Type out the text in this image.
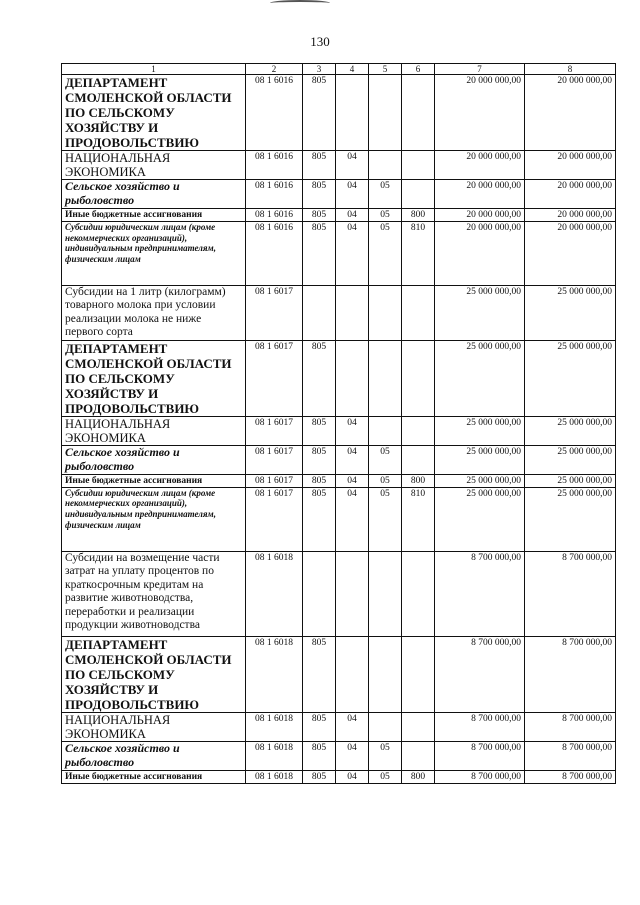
130
1	2	3	4	5	6	7	8
ДЕПАРТАМЕНТ СМОЛЕНСКОЙ ОБЛАСТИ ПО СЕЛЬСКОМУ ХОЗЯЙСТВУ И ПРОДОВОЛЬСТВИЮ	08 1 6016	805				20 000 000,00	20 000 000,00
НАЦИОНАЛЬНАЯ ЭКОНОМИКА	08 1 6016	805	04			20 000 000,00	20 000 000,00
Сельское хозяйство и рыболовство	08 1 6016	805	04	05		20 000 000,00	20 000 000,00
Иные бюджетные ассигнования	08 1 6016	805	04	05	800	20 000 000,00	20 000 000,00
Субсидии юридическим лицам (кроме некоммерческих организаций), индивидуальным предпринимателям, физическим лицам	08 1 6016	805	04	05	810	20 000 000,00	20 000 000,00
Субсидии на 1 литр (килограмм) товарного молока при условии реализации молока не ниже первого сорта	08 1 6017					25 000 000,00	25 000 000,00
ДЕПАРТАМЕНТ СМОЛЕНСКОЙ ОБЛАСТИ ПО СЕЛЬСКОМУ ХОЗЯЙСТВУ И ПРОДОВОЛЬСТВИЮ	08 1 6017	805				25 000 000,00	25 000 000,00
НАЦИОНАЛЬНАЯ ЭКОНОМИКА	08 1 6017	805	04			25 000 000,00	25 000 000,00
Сельское хозяйство и рыболовство	08 1 6017	805	04	05		25 000 000,00	25 000 000,00
Иные бюджетные ассигнования	08 1 6017	805	04	05	800	25 000 000,00	25 000 000,00
Субсидии юридическим лицам (кроме некоммерческих организаций), индивидуальным предпринимателям, физическим лицам	08 1 6017	805	04	05	810	25 000 000,00	25 000 000,00
Субсидии на возмещение части затрат на уплату процентов по краткосрочным кредитам на развитие животноводства, переработки и реализации продукции животноводства	08 1 6018					8 700 000,00	8 700 000,00
ДЕПАРТАМЕНТ СМОЛЕНСКОЙ ОБЛАСТИ ПО СЕЛЬСКОМУ ХОЗЯЙСТВУ И ПРОДОВОЛЬСТВИЮ	08 1 6018	805				8 700 000,00	8 700 000,00
НАЦИОНАЛЬНАЯ ЭКОНОМИКА	08 1 6018	805	04			8 700 000,00	8 700 000,00
Сельское хозяйство и рыболовство	08 1 6018	805	04	05		8 700 000,00	8 700 000,00
Иные бюджетные ассигнования	08 1 6018	805	04	05	800	8 700 000,00	8 700 000,00
